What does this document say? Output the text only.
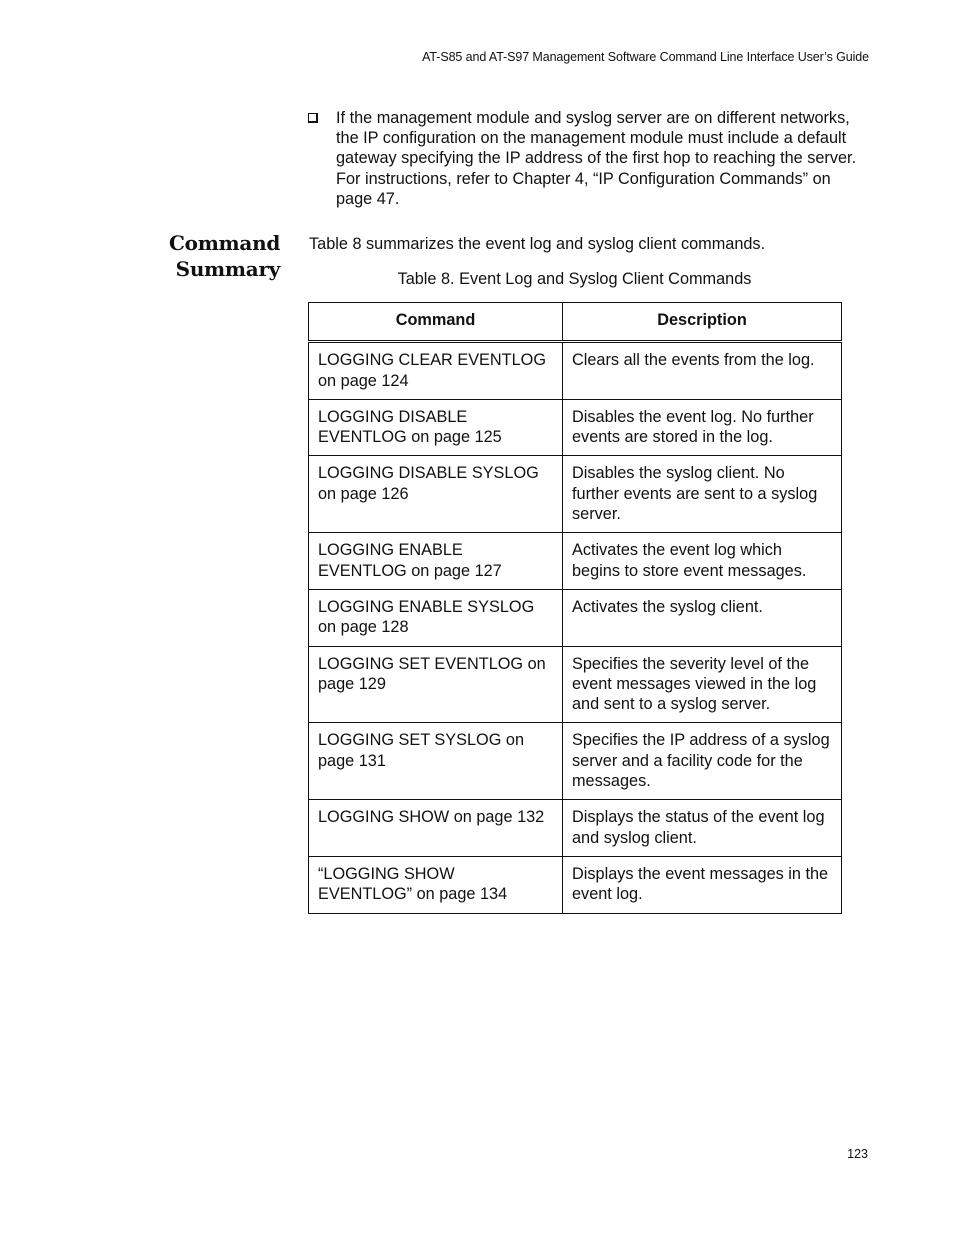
AT-S85 and AT-S97 Management Software Command Line Interface User’s Guide
If the management module and syslog server are on different networks, the IP configuration on the management module must include a default gateway specifying the IP address of the first hop to reaching the server. For instructions, refer to Chapter 4, “IP Configuration Commands” on page 47.
Command
Summary
Table 8 summarizes the event log and syslog client commands.
Table 8. Event Log and Syslog Client Commands
Command	Description
LOGGING CLEAR EVENTLOG on page 124	Clears all the events from the log.
LOGGING DISABLE EVENTLOG on page 125	Disables the event log. No further events are stored in the log.
LOGGING DISABLE SYSLOG on page 126	Disables the syslog client. No further events are sent to a syslog server.
LOGGING ENABLE EVENTLOG on page 127	Activates the event log which begins to store event messages.
LOGGING ENABLE SYSLOG on page 128	Activates the syslog client.
LOGGING SET EVENTLOG on page 129	Specifies the severity level of the event messages viewed in the log and sent to a syslog server.
LOGGING SET SYSLOG on page 131	Specifies the IP address of a syslog server and a facility code for the messages.
LOGGING SHOW on page 132	Displays the status of the event log and syslog client.
“LOGGING SHOW EVENTLOG” on page 134	Displays the event messages in the event log.
123
